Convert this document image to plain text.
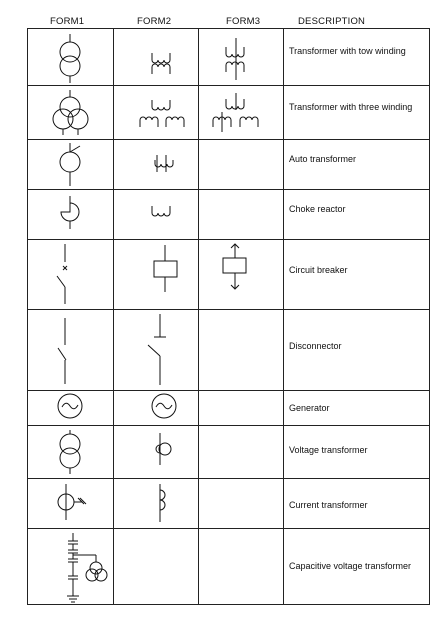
FORM1	FORM2	FORM3	DESCRIPTION
Transformer with tow winding
Transformer with three winding
Auto transformer
Choke reactor
Circuit breaker
Disconnector
Generator
Voltage transformer
Current transformer
Capacitive voltage transformer
